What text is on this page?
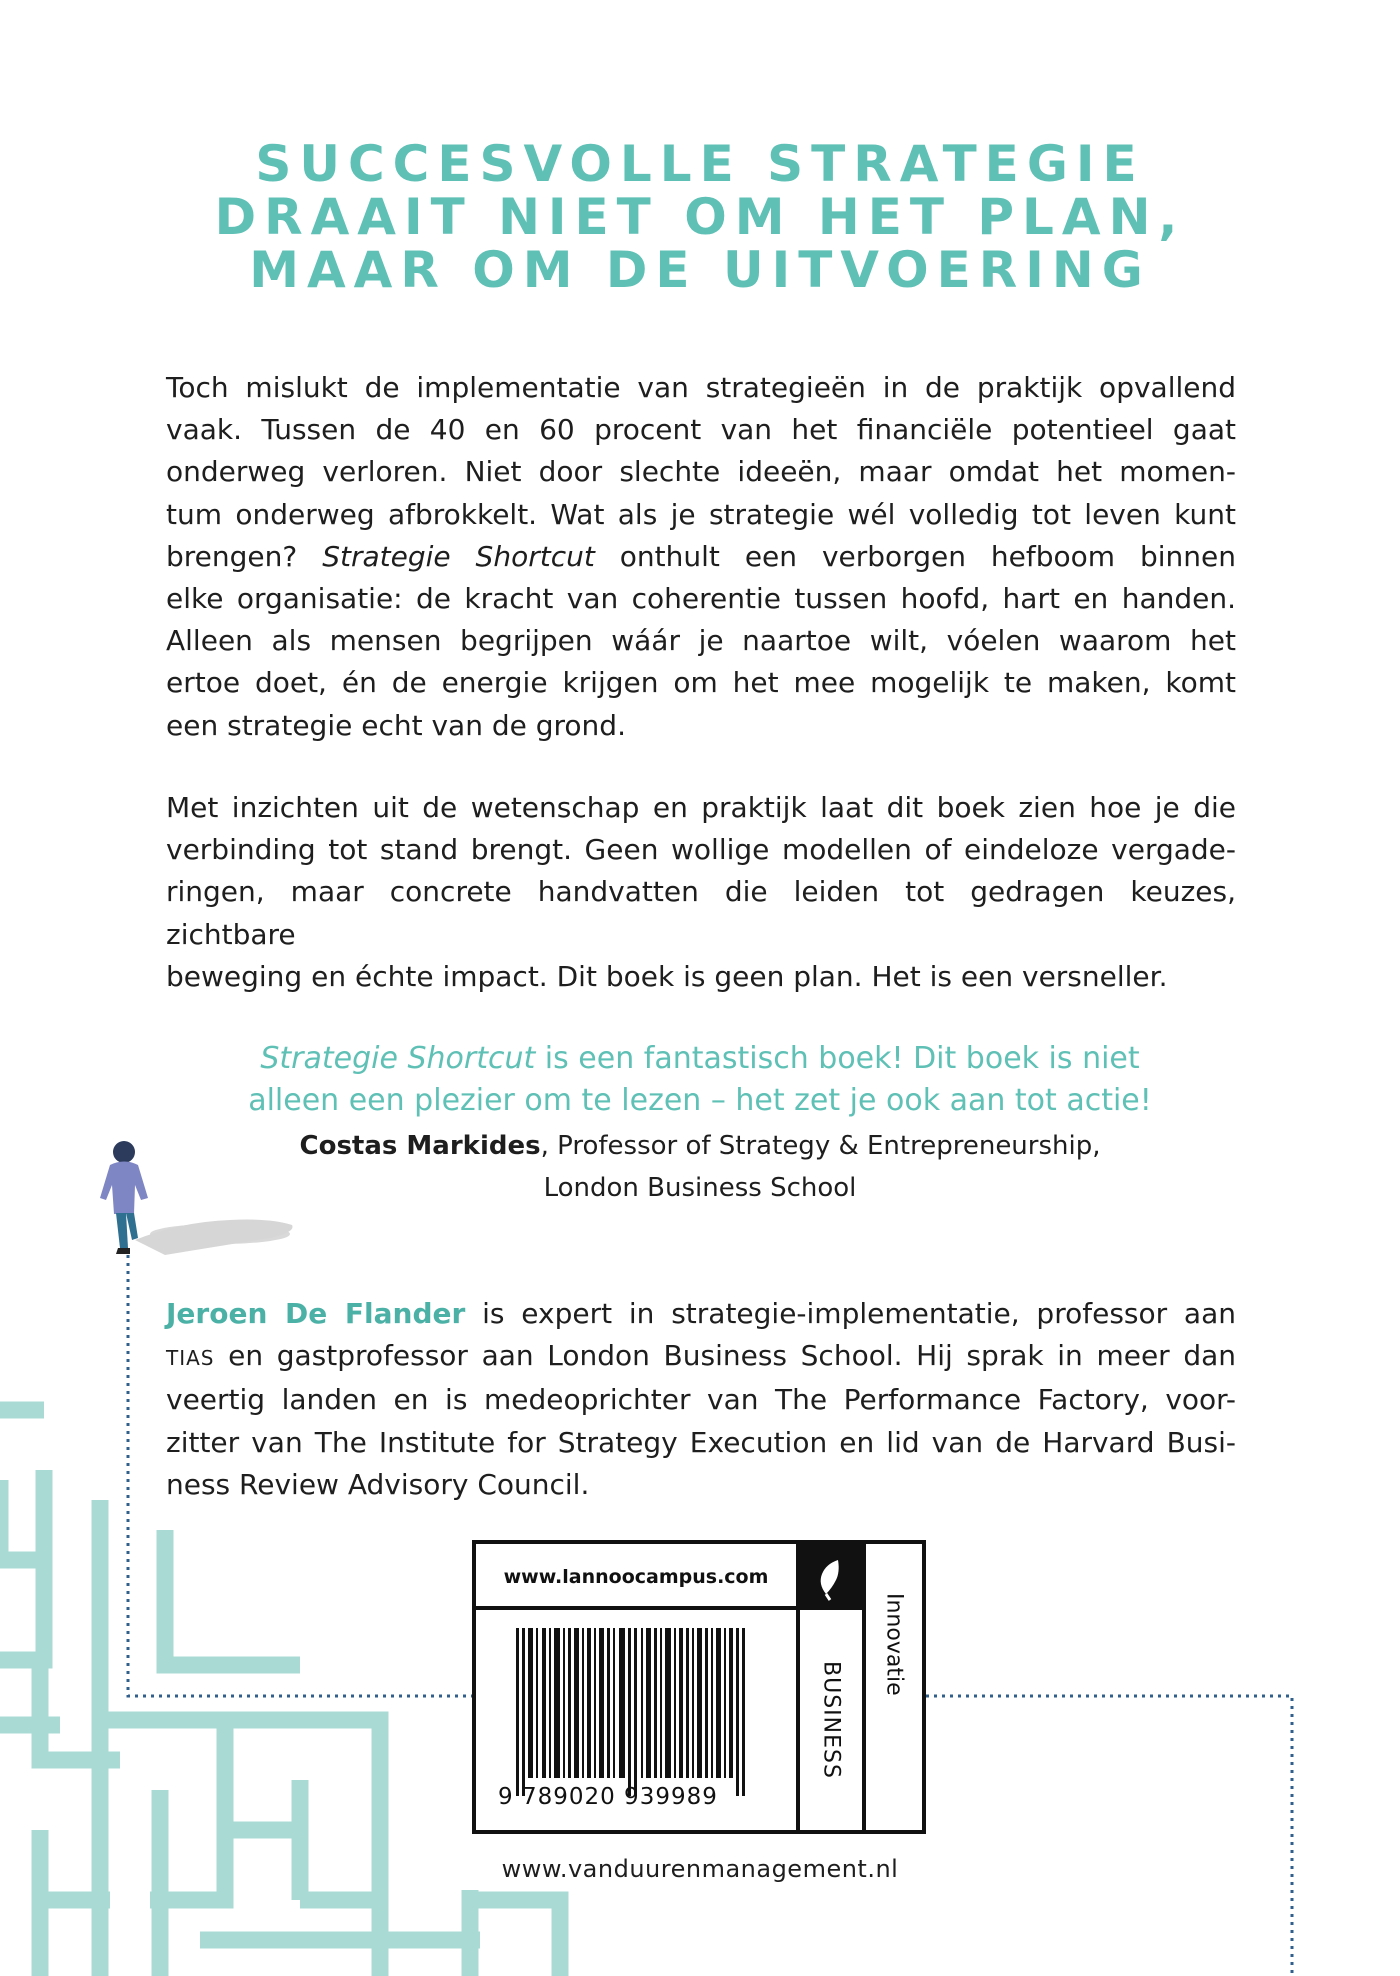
SUCCESVOLLE STRATEGIE
DRAAIT NIET OM HET PLAN,
MAAR OM DE UITVOERING

Toch mislukt de implementatie van strategieën in de praktijk opvallend
vaak. Tussen de 40 en 60 procent van het financiële potentieel gaat
onderweg verloren. Niet door slechte ideeën, maar omdat het momen-
tum onderweg afbrokkelt. Wat als je strategie wél volledig tot leven kunt
brengen? Strategie Shortcut onthult een verborgen hefboom binnen
elke organisatie: de kracht van coherentie tussen hoofd, hart en handen.
Alleen als mensen begrijpen wáár je naartoe wilt, vóelen waarom het
ertoe doet, én de energie krijgen om het mee mogelijk te maken, komt
een strategie echt van de grond.

Met inzichten uit de wetenschap en praktijk laat dit boek zien hoe je die
verbinding tot stand brengt. Geen wollige modellen of eindeloze vergade-
ringen, maar concrete handvatten die leiden tot gedragen keuzes, zichtbare
beweging en échte impact. Dit boek is geen plan. Het is een versneller.

Strategie Shortcut is een fantastisch boek! Dit boek is niet
alleen een plezier om te lezen – het zet je ook aan tot actie!

Costas Markides, Professor of Strategy & Entrepreneurship,
London Business School

Jeroen De Flander is expert in strategie-implementatie, professor aan
TIAS en gastprofessor aan London Business School. Hij sprak in meer dan
veertig landen en is medeoprichter van The Performance Factory, voor-
zitter van The Institute for Strategy Execution en lid van de Harvard Busi-
ness Review Advisory Council.

www.lannoocampus.com
BUSINESS
Innovatie
9 789020 939989
www.vanduurenmanagement.nl
